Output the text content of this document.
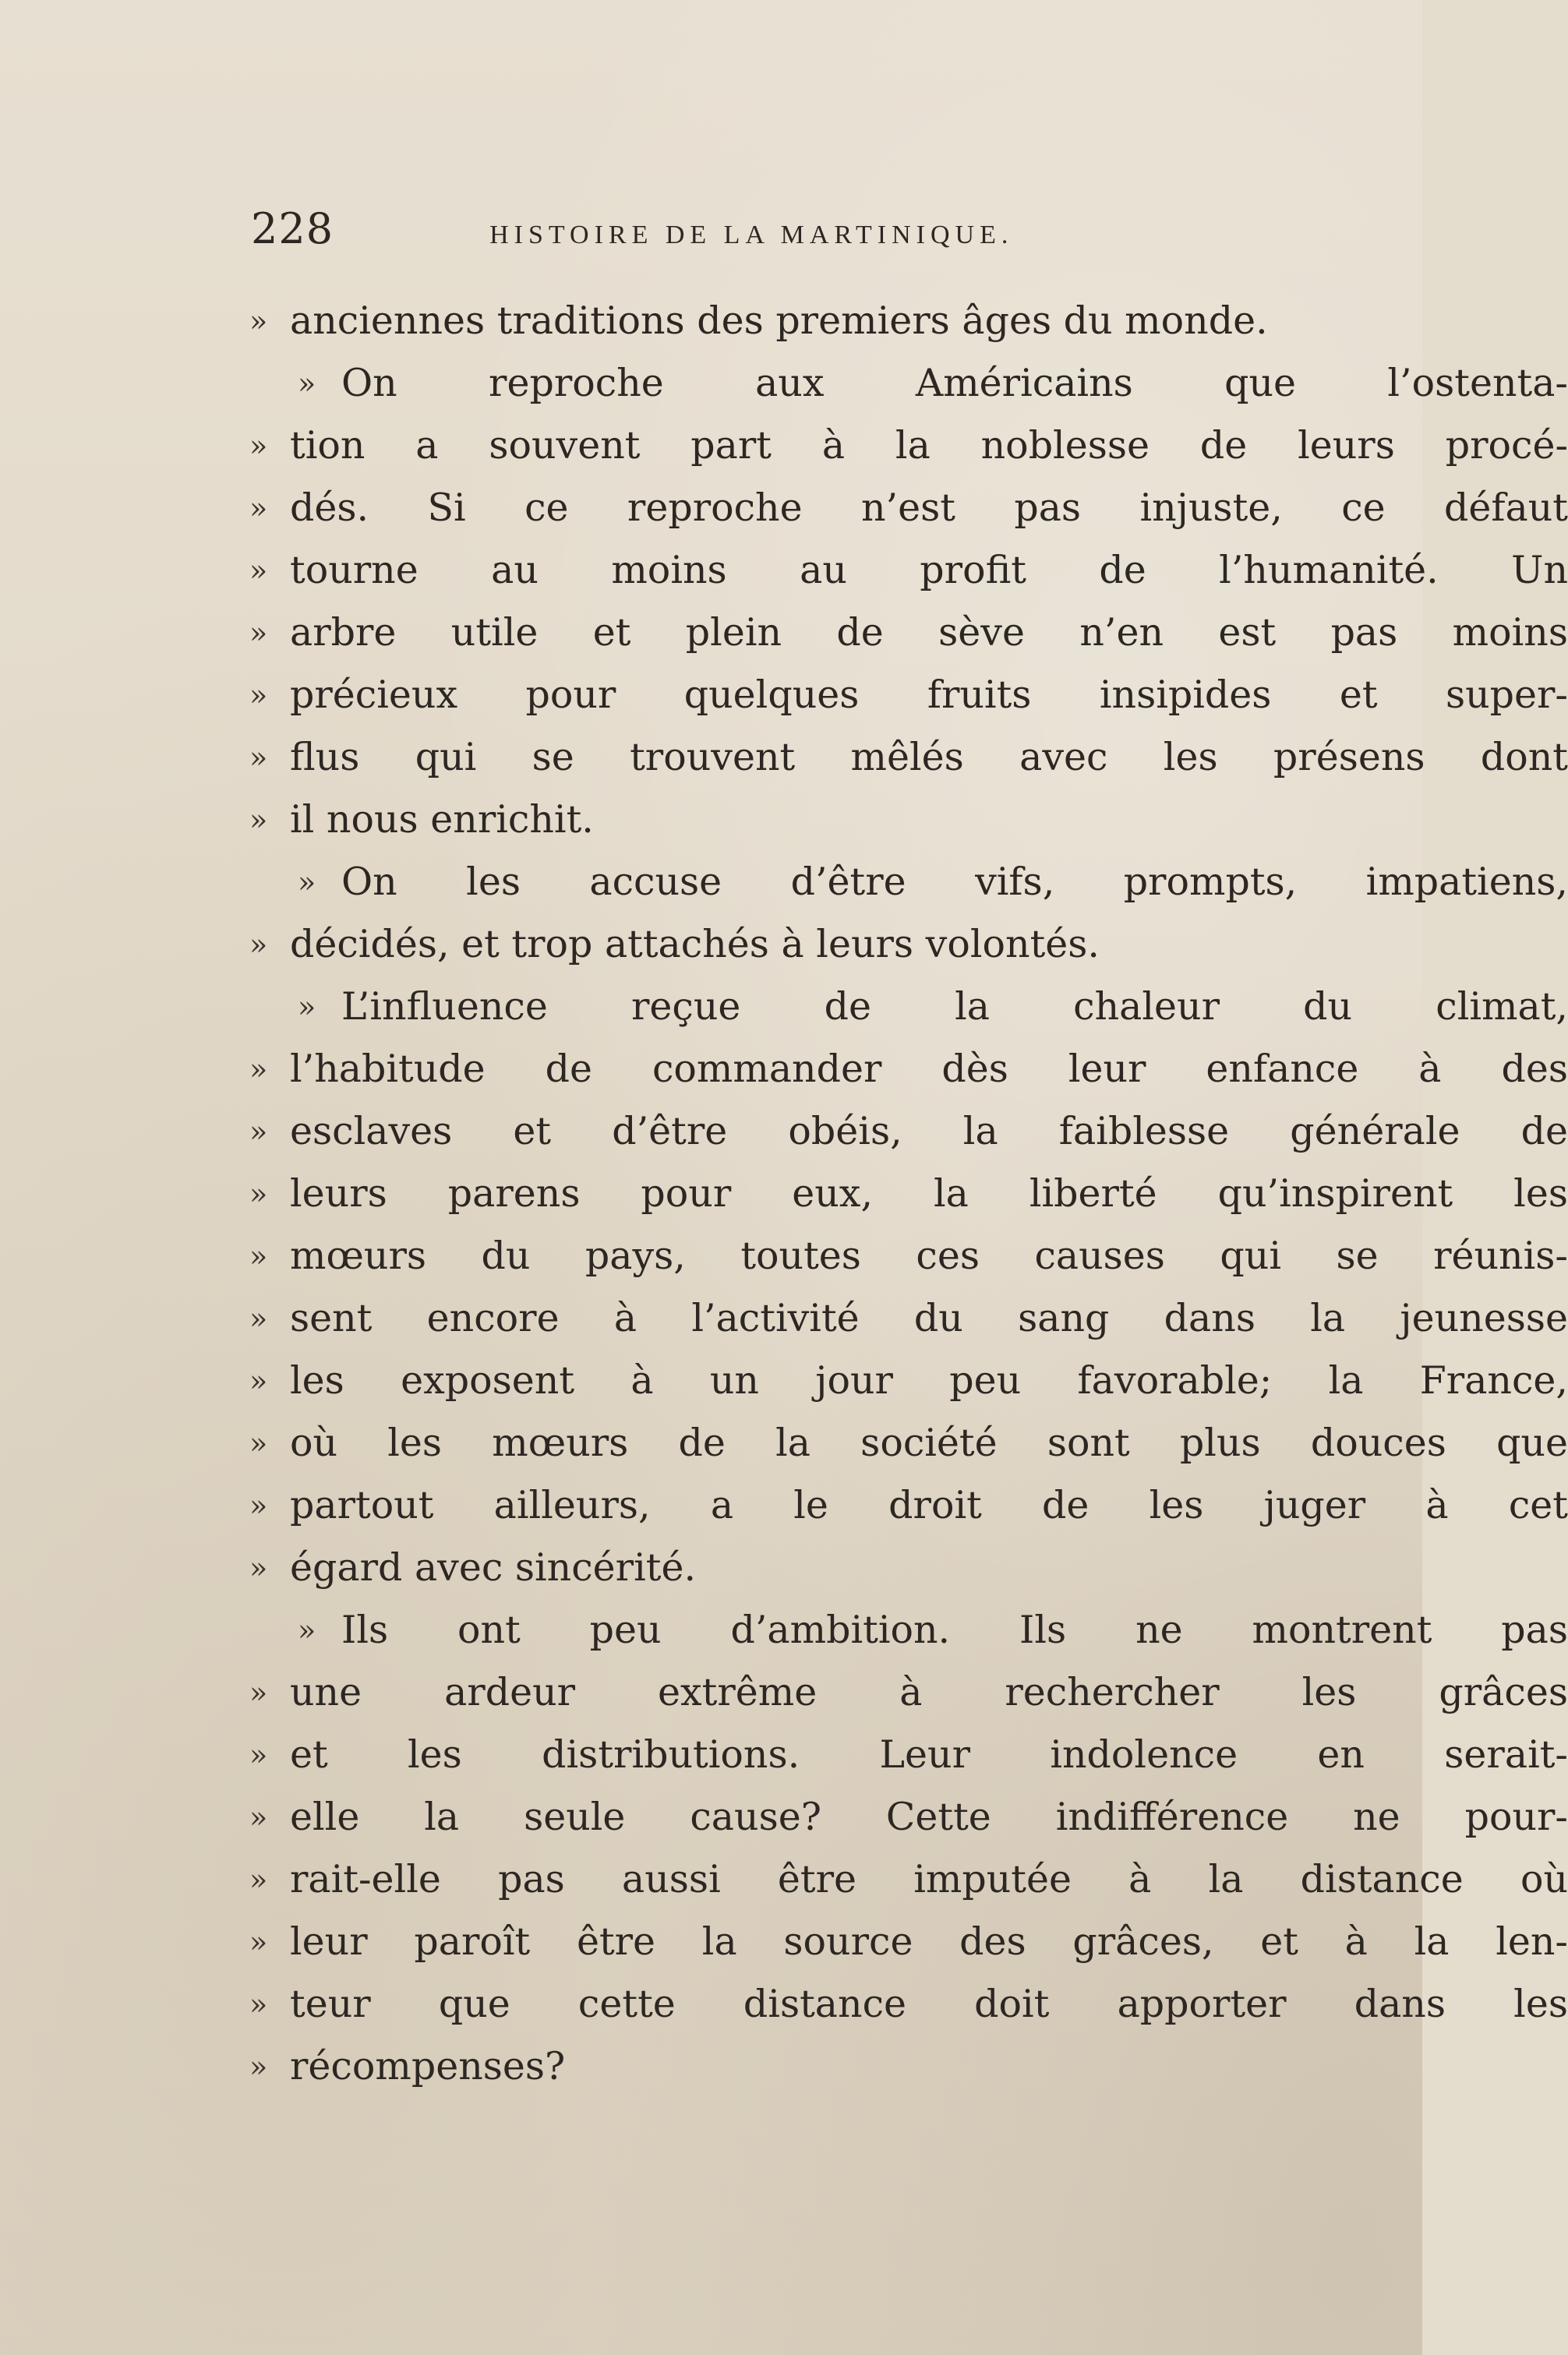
228	HISTOIRE DE LA MARTINIQUE.
» anciennes traditions des premiers âges du monde.
» On reproche aux Américains que l’ostenta-
» tion a souvent part à la noblesse de leurs procé-
» dés. Si ce reproche n’est pas injuste, ce défaut
» tourne au moins au profit de l’humanité. Un
» arbre utile et plein de sève n’en est pas moins
» précieux pour quelques fruits insipides et super-
» flus qui se trouvent mêlés avec les présens dont
» il nous enrichit.
» On les accuse d’être vifs, prompts, impatiens,
» décidés, et trop attachés à leurs volontés.
» L’influence reçue de la chaleur du climat,
» l’habitude de commander dès leur enfance à des
» esclaves et d’être obéis, la faiblesse générale de
» leurs parens pour eux, la liberté qu’inspirent les
» mœurs du pays, toutes ces causes qui se réunis-
» sent encore à l’activité du sang dans la jeunesse
» les exposent à un jour peu favorable; la France,
» où les mœurs de la société sont plus douces que
» partout ailleurs, a le droit de les juger à cet
» égard avec sincérité.
» Ils ont peu d’ambition. Ils ne montrent pas
» une ardeur extrême à rechercher les grâces
» et les distributions. Leur indolence en serait-
» elle la seule cause? Cette indifférence ne pour-
» rait-elle pas aussi être imputée à la distance où
» leur paroît être la source des grâces, et à la len-
» teur que cette distance doit apporter dans les
» récompenses?
